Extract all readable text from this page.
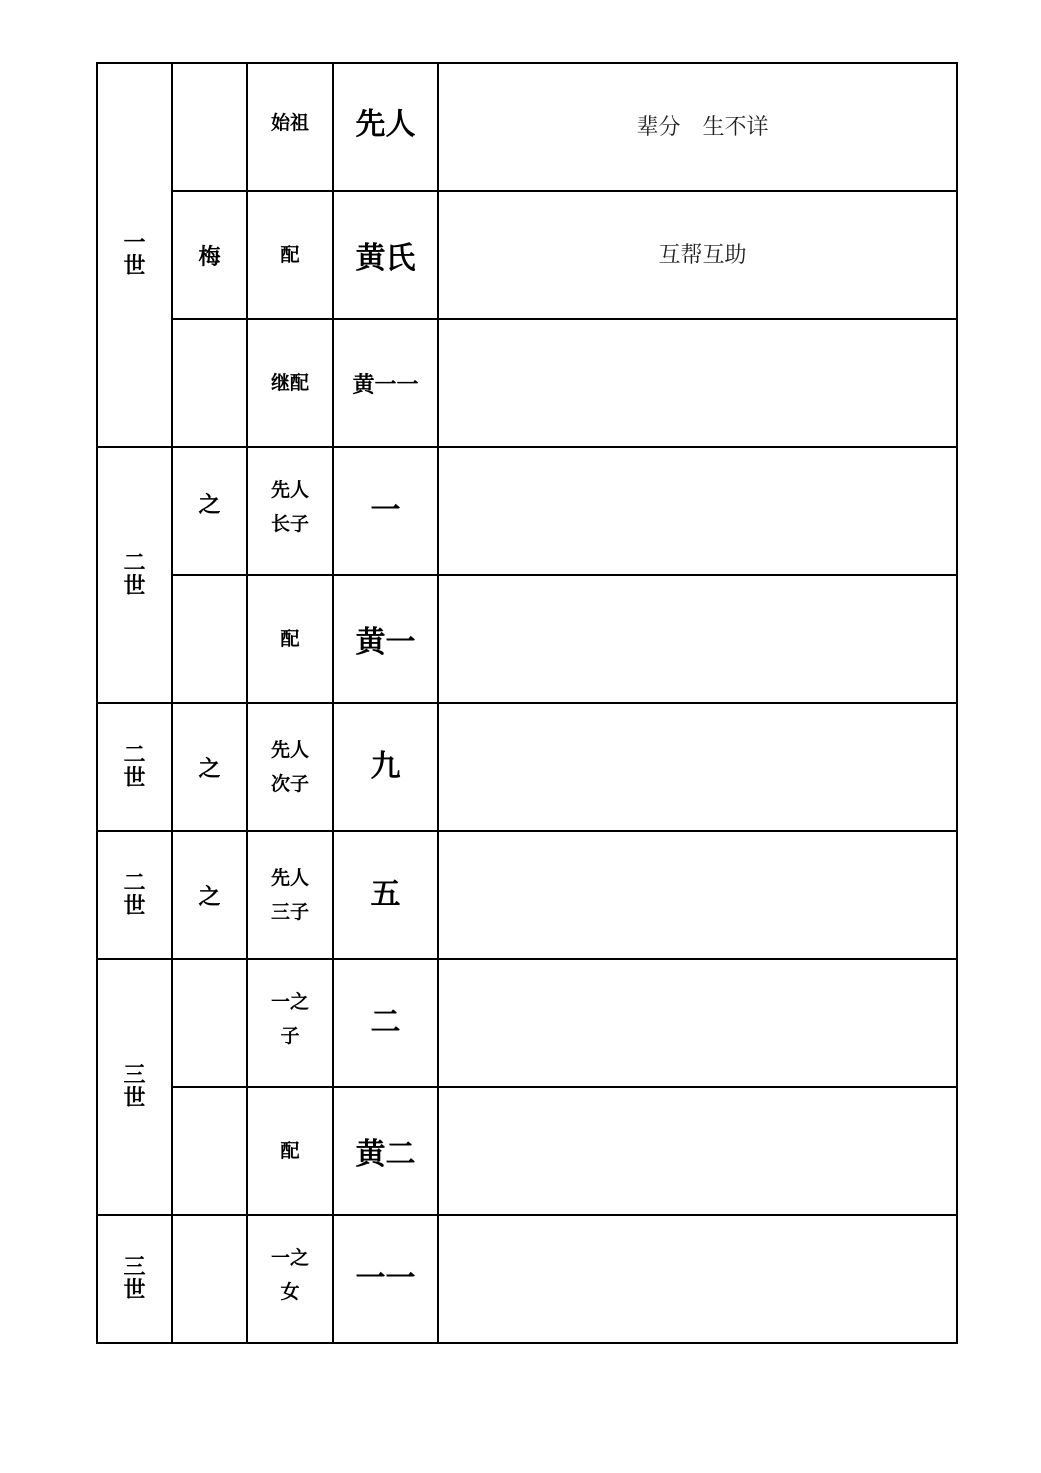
一世		始祖	先人	辈分　生不详

	梅	配	黄氏	互帮互助

		继配	黄一一	

二世	之	先人长子	一	

		配	黄一	

二世	之	先人次子	九	

二世	之	先人三子	五	

三世		一之子	二	

		配	黄二	

三世		一之女	一一	
